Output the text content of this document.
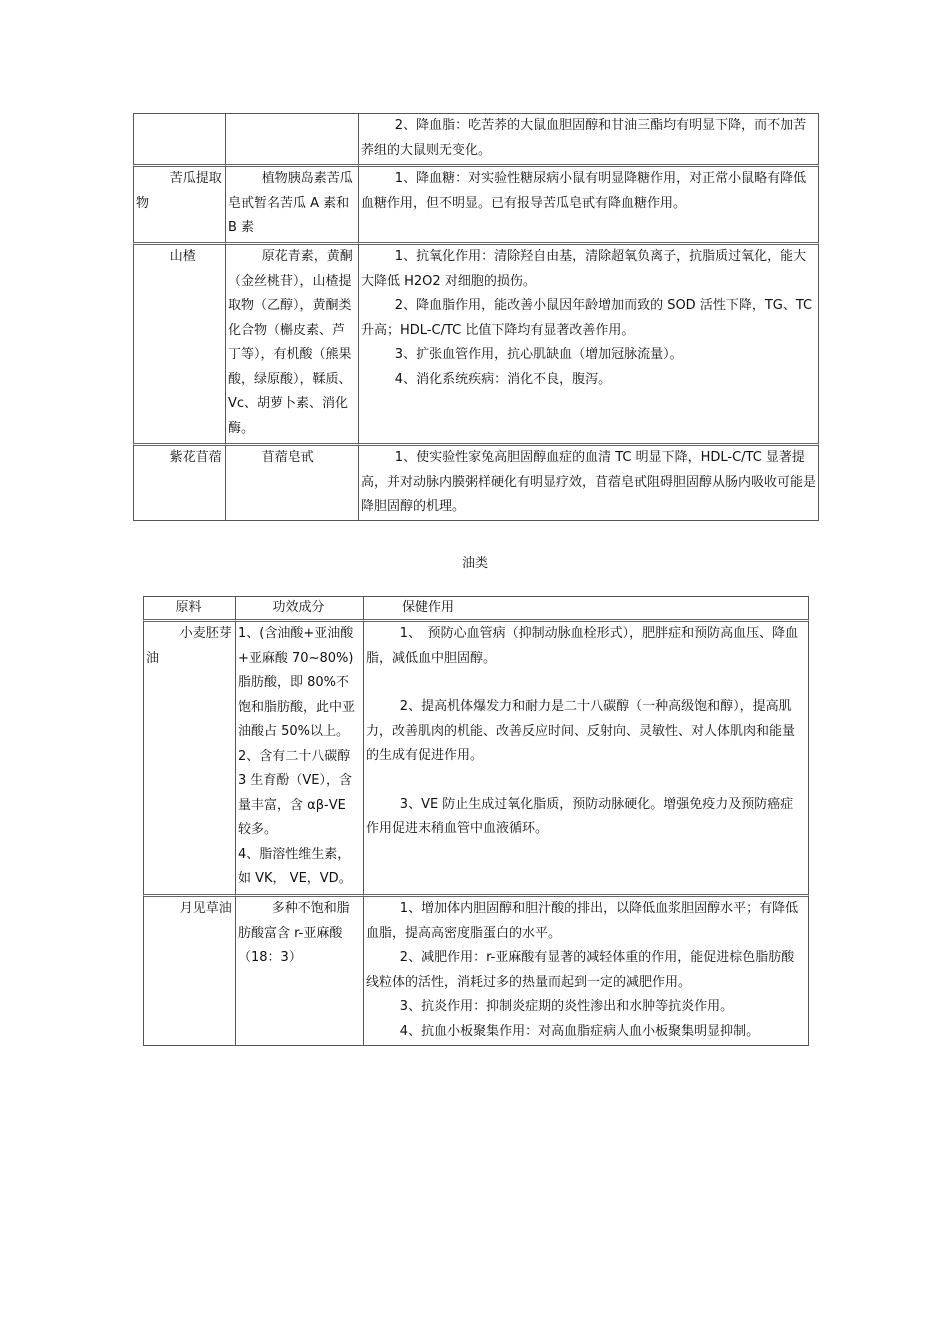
		2、降血脂：吃苦荞的大鼠血胆固醇和甘油三酯均有明显下降，而不加苦荞组的大鼠则无变化。

苦瓜提取物	植物胰岛素苦瓜皂甙暂名苦瓜 A 素和 B 素	1、降血糖：对实验性糖尿病小鼠有明显降糖作用，对正常小鼠略有降低血糖作用，但不明显。已有报导苦瓜皂甙有降血糖作用。

山楂	原花青素，黄酮（金丝桃苷），山楂提取物（乙醇），黄酮类化合物（槲皮素、芦丁等），有机酸（熊果酸，绿原酸），鞣质、Vc、胡萝卜素、消化酶。	1、抗氧化作用：清除羟自由基，清除超氧负离子，抗脂质过氧化，能大大降低 H2O2 对细胞的损伤。
2、降血脂作用，能改善小鼠因年龄增加而致的 SOD 活性下降，TG、TC 升高；HDL-C/TC 比值下降均有显著改善作用。
3、扩张血管作用，抗心肌缺血（增加冠脉流量）。
4、消化系统疾病：消化不良，腹泻。

紫花苜蓿	苜蓿皂甙	1、使实验性家兔高胆固醇血症的血清 TC 明显下降，HDL-C/TC 显著提高，并对动脉内膜粥样硬化有明显疗效，苜蓿皂甙阻碍胆固醇从肠内吸收可能是降胆固醇的机理。
油类
原料	功效成分	保健作用

小麦胚芽油	1、(含油酸+亚油酸+亚麻酸 70~80%)脂肪酸，即 80%不饱和脂肪酸，此中亚油酸占 50%以上。
2、含有二十八碳醇 3 生育酚（VE），含量丰富，含 αβ-VE 较多。
4、脂溶性维生素，如 VK， VE，VD。	1、　预防心血管病（抑制动脉血栓形式），肥胖症和预防高血压、降血脂，减低血中胆固醇。
2、提高机体爆发力和耐力是二十八碳醇（一种高级饱和醇），提高肌力，改善肌肉的机能、改善反应时间、反射向、灵敏性、对人体肌肉和能量的生成有促进作用。
3、VE 防止生成过氧化脂质，预防动脉硬化。增强免疫力及预防癌症作用促进末稍血管中血液循环。

月见草油	多种不饱和脂肪酸富含 r-亚麻酸（18：3）	1、增加体内胆固醇和胆汁酸的排出，以降低血浆胆固醇水平；有降低血脂，提高高密度脂蛋白的水平。
2、减肥作用：r-亚麻酸有显著的减轻体重的作用，能促进棕色脂肪酸线粒体的活性，消耗过多的热量而起到一定的减肥作用。
3、抗炎作用：抑制炎症期的炎性渗出和水肿等抗炎作用。
4、抗血小板聚集作用：对高血脂症病人血小板聚集明显抑制。
